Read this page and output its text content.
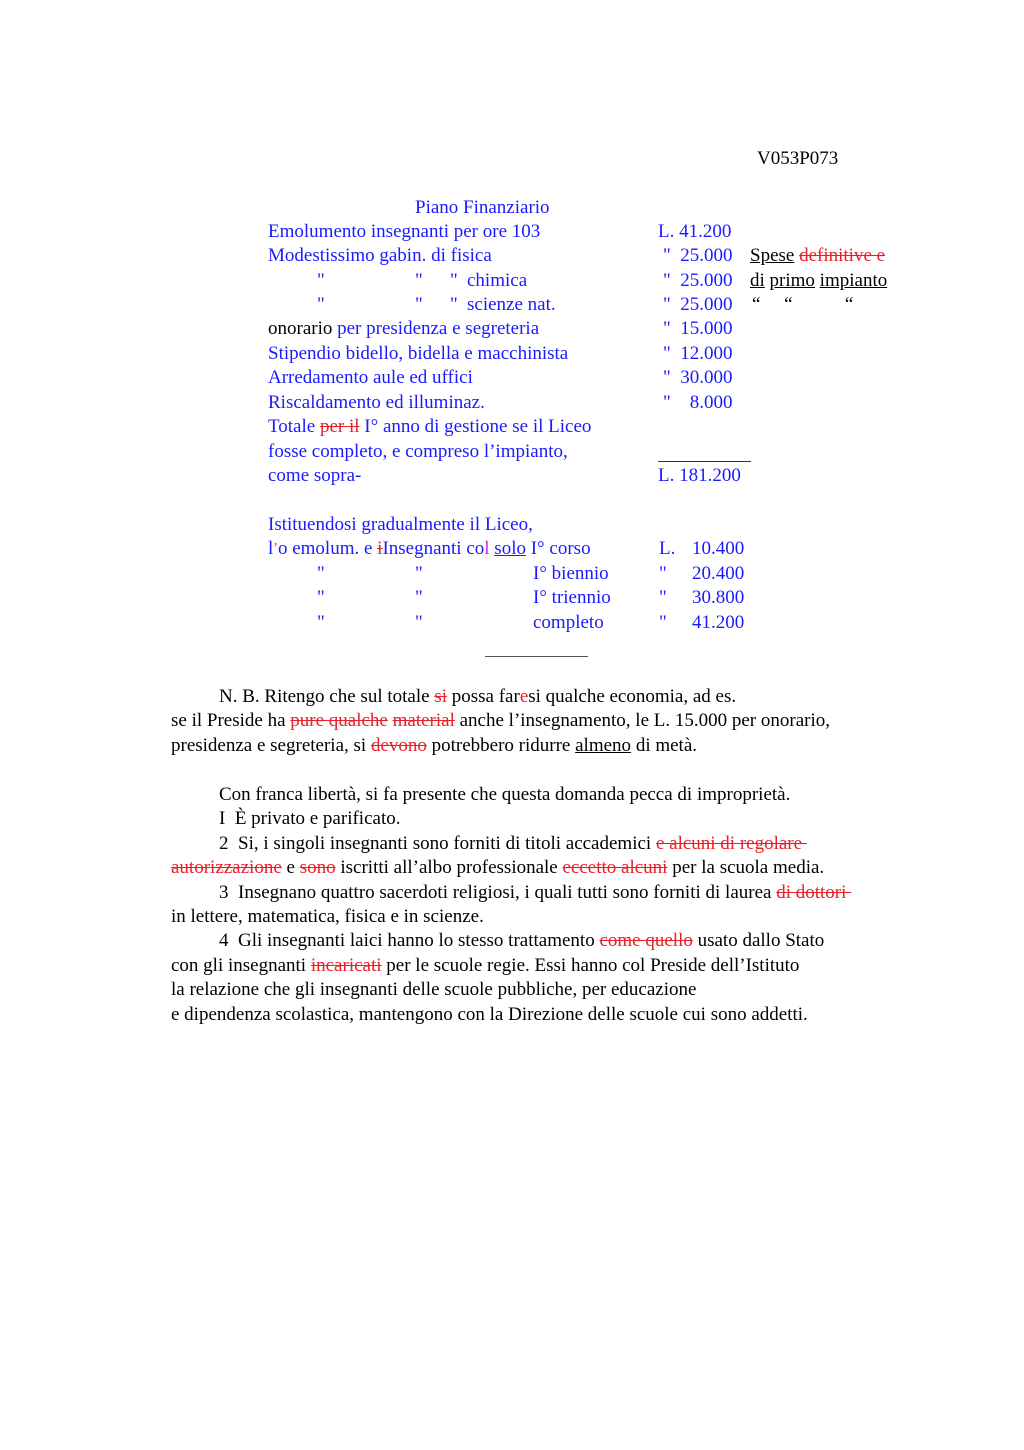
V053P073
Piano Finanziario
Emolumento insegnanti per ore 103	L. 41.200
Modestissimo gabin. di fisica	"  25.000
"	" " chimica	"  25.000
"	" " scienze nat.	"  25.000
onorario per presidenza e segreteria	"  15.000
Stipendio bidello, bidella e macchinista	"  12.000
Arredamento aule ed uffici	"  30.000
Riscaldamento ed illuminaz.	"    8.000
Spese definitive e
di primo impianto
“     “           “
Totale per il I° anno di gestione se il Liceo
fosse completo, e compreso l’impianto,
come sopra-	L. 181.200
Istituendosi gradualmente il Liceo,
l’o emolum. e iInsegnanti col solo I° corso	L. 10.400
"	"	I° biennio	" 20.400
"	"	I° triennio	" 30.800
"	"	completo	" 41.200
N. B. Ritengo che sul totale si possa faresi qualche economia, ad es.
se il Preside ha pure qualche material anche l’insegnamento, le L. 15.000 per onorario,
presidenza e segreteria, si devono potrebbero ridurre almeno di metà.
Con franca libertà, si fa presente che questa domanda pecca di improprietà.
I  È privato e parificato.
2  Si, i singoli insegnanti sono forniti di titoli accademici e alcuni di regolare
autorizzazione e sono iscritti all’albo professionale eccetto alcuni per la scuola media.
3  Insegnano quattro sacerdoti religiosi, i quali tutti sono forniti di laurea di dottori
in lettere, matematica, fisica e in scienze.
4  Gli insegnanti laici hanno lo stesso trattamento come quello usato dallo Stato
con gli insegnanti incaricati per le scuole regie. Essi hanno col Preside dell’Istituto
la relazione che gli insegnanti delle scuole pubbliche, per educazione
e dipendenza scolastica, mantengono con la Direzione delle scuole cui sono addetti.
